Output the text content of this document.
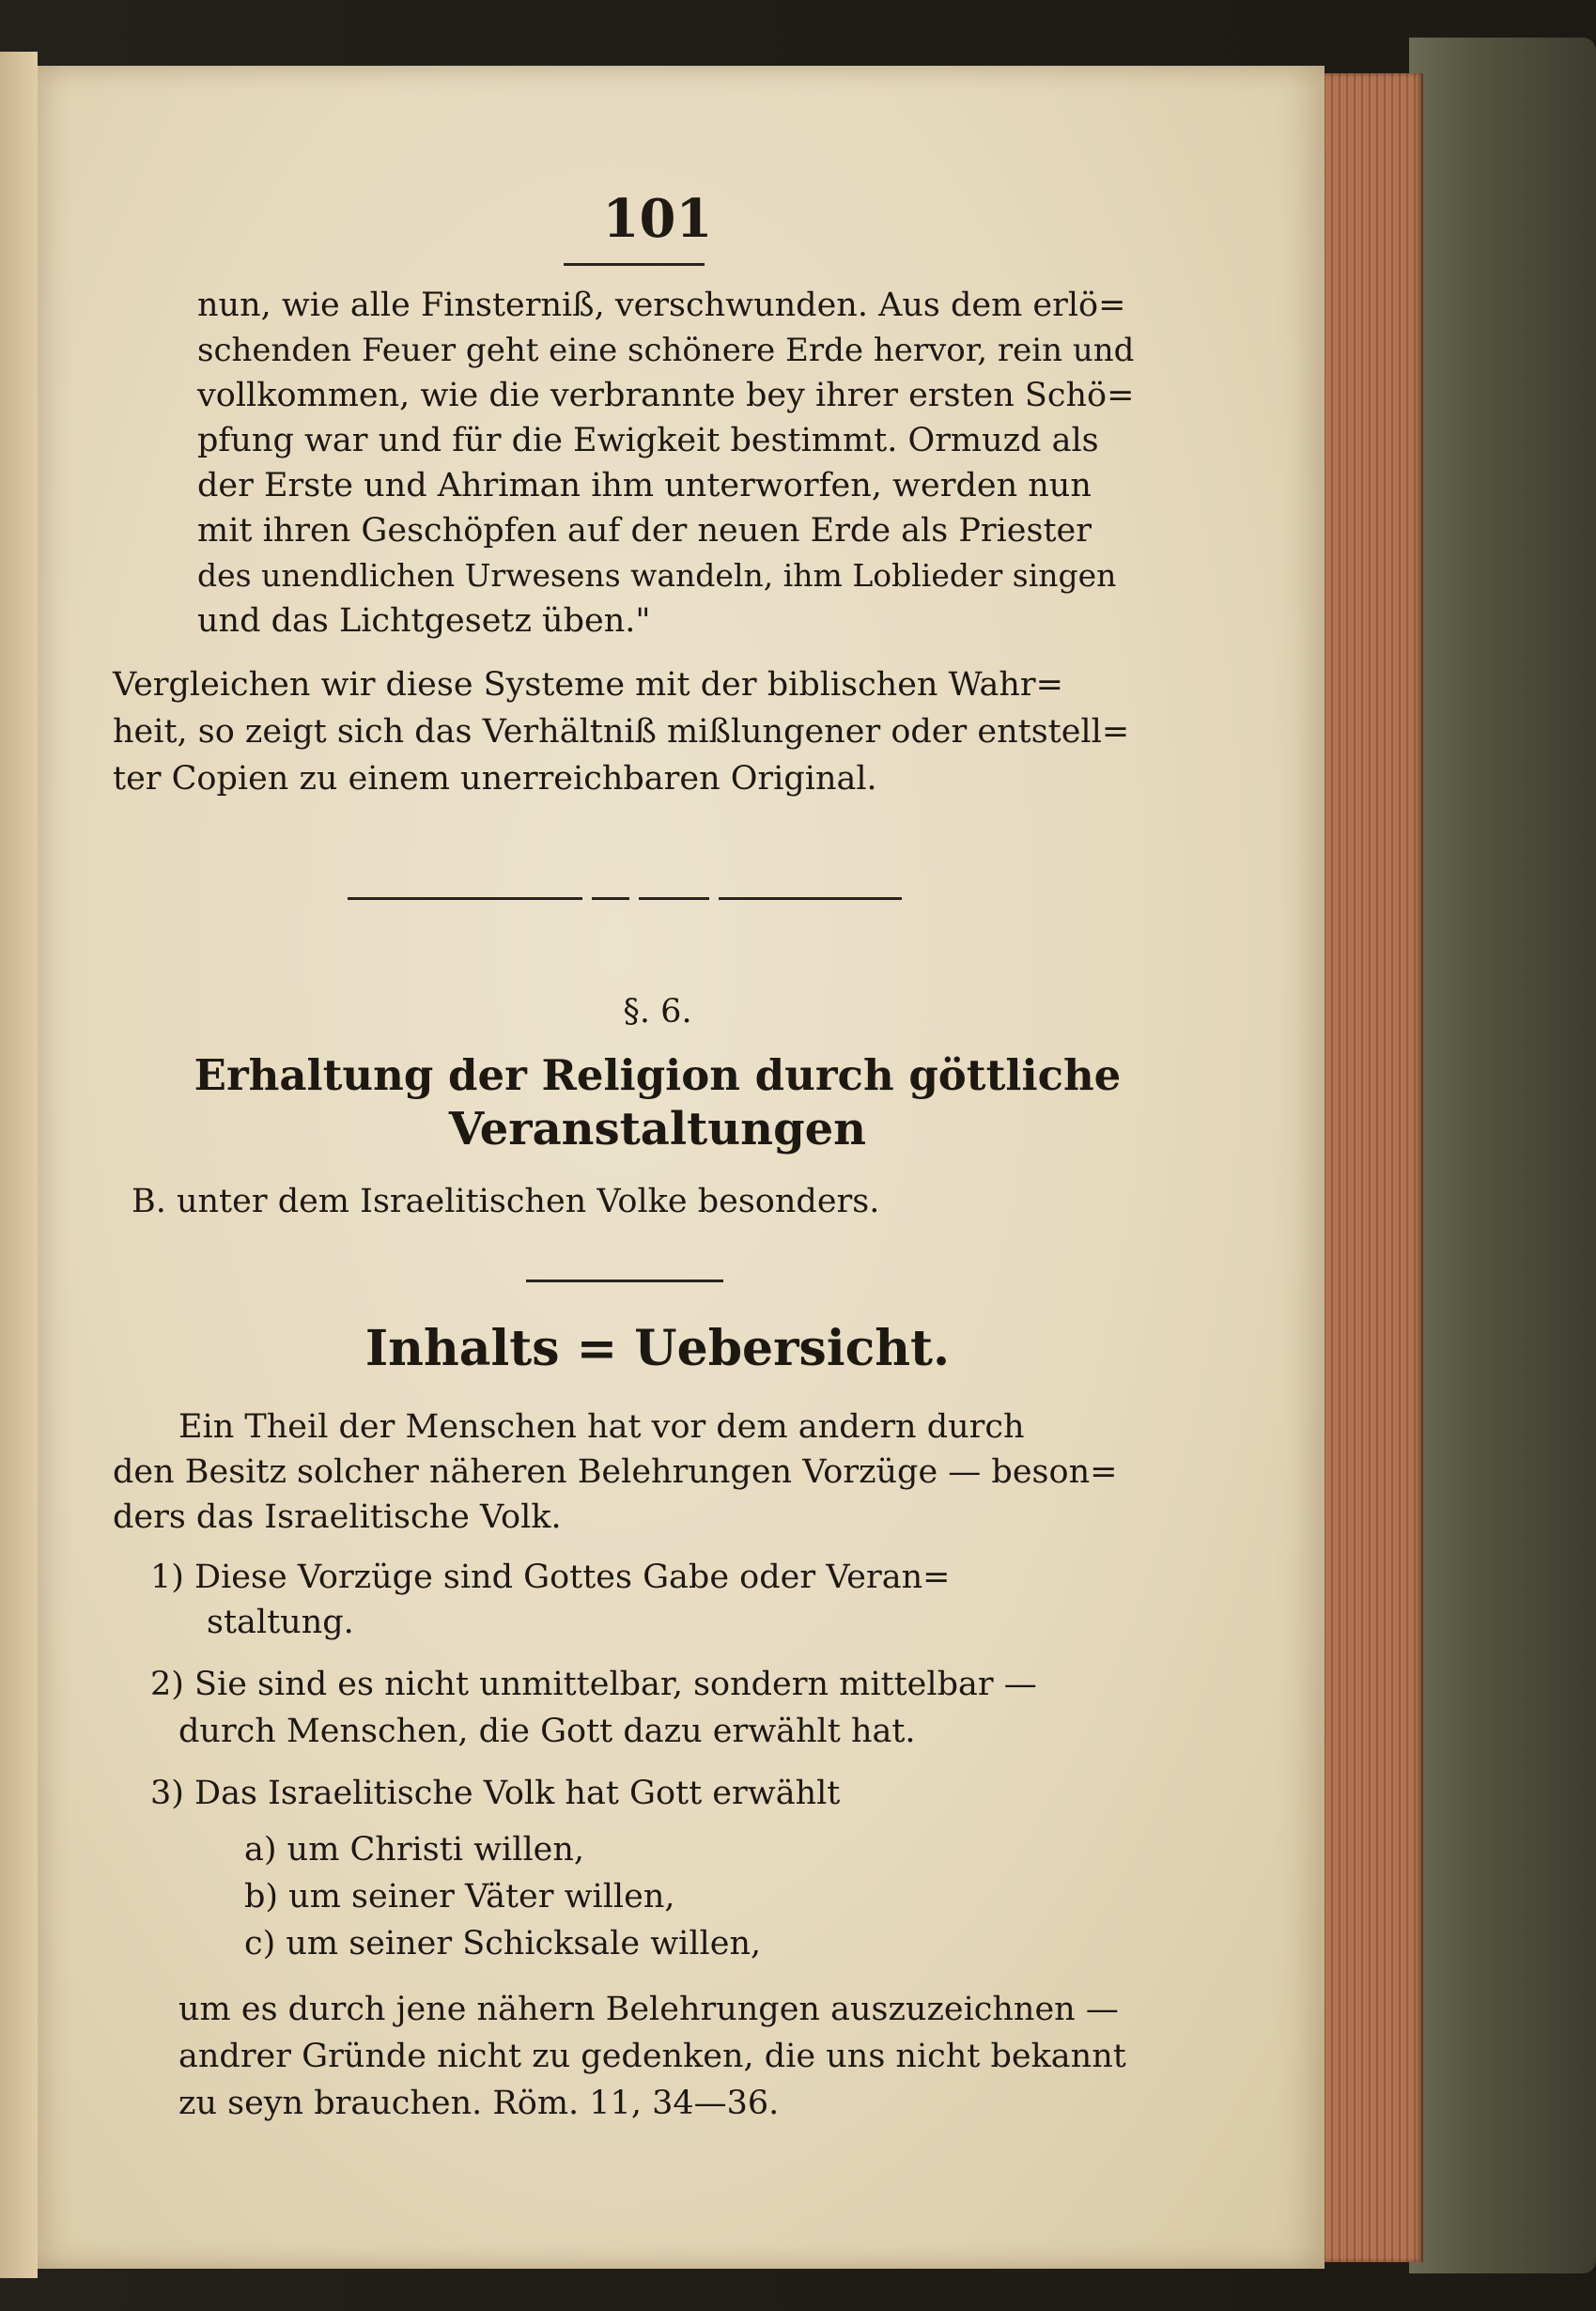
101
nun, wie alle Finsterniß, verschwunden. Aus dem erlö=
schenden Feuer geht eine schönere Erde hervor, rein und
vollkommen, wie die verbrannte bey ihrer ersten Schö=
pfung war und für die Ewigkeit bestimmt. Ormuzd als
der Erste und Ahriman ihm unterworfen, werden nun
mit ihren Geschöpfen auf der neuen Erde als Priester
des unendlichen Urwesens wandeln, ihm Loblieder singen
und das Lichtgesetz üben."
Vergleichen wir diese Systeme mit der biblischen Wahr=
heit, so zeigt sich das Verhältniß mißlungener oder entstell=
ter Copien zu einem unerreichbaren Original.
§. 6.
Erhaltung der Religion durch göttliche
Veranstaltungen
B. unter dem Israelitischen Volke besonders.
Inhalts = Uebersicht.
Ein Theil der Menschen hat vor dem andern durch
den Besitz solcher näheren Belehrungen Vorzüge — beson=
ders das Israelitische Volk.
1) Diese Vorzüge sind Gottes Gabe oder Veran=
staltung.
2) Sie sind es nicht unmittelbar, sondern mittelbar —
durch Menschen, die Gott dazu erwählt hat.
3) Das Israelitische Volk hat Gott erwählt
a) um Christi willen,
b) um seiner Väter willen,
c) um seiner Schicksale willen,
um es durch jene nähern Belehrungen auszuzeichnen —
andrer Gründe nicht zu gedenken, die uns nicht bekannt
zu seyn brauchen. Röm. 11, 34—36.
